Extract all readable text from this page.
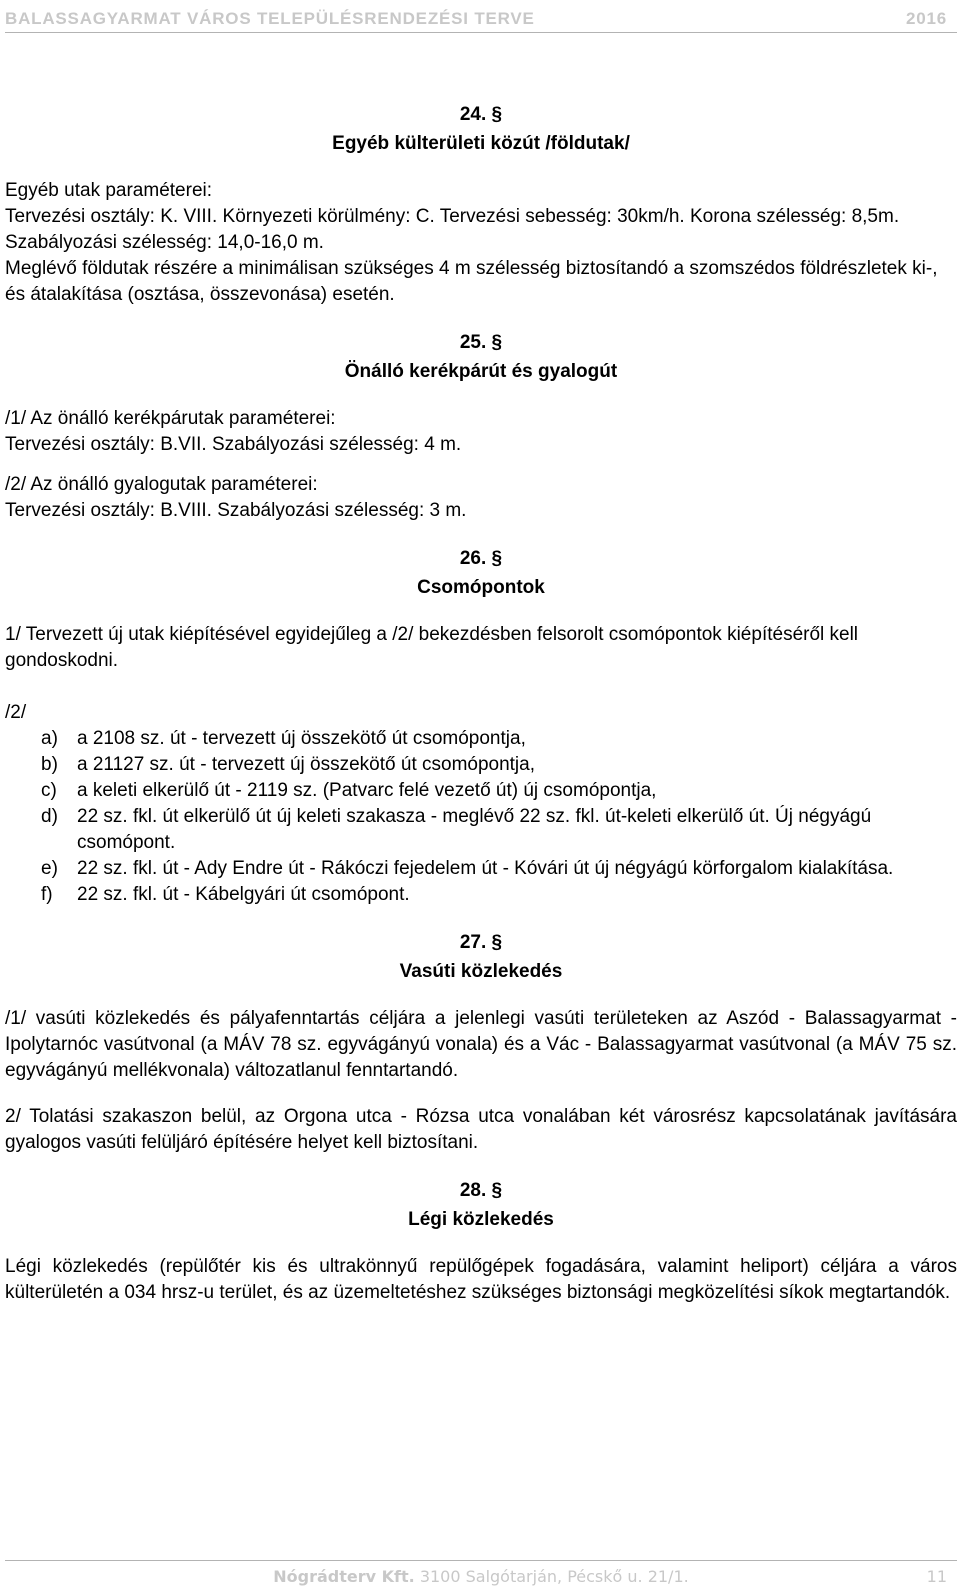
BALASSAGYARMAT VÁROS TELEPÜLÉSRENDEZÉSI TERVE	2016
24. §
Egyéb külterületi közút /földutak/

Egyéb utak paraméterei:

Tervezési osztály: K. VIII. Környezeti körülmény: C. Tervezési sebesség: 30km/h. Korona szélesség: 8,5m. Szabályozási szélesség: 14,0-16,0 m.

Meglévő földutak részére a minimálisan szükséges 4 m szélesség biztosítandó a szomszédos földrészletek ki-, és átalakítása (osztása, összevonása) esetén.

25. §
Önálló kerékpárút és gyalogút

/1/ Az önálló kerékpárutak paraméterei:

Tervezési osztály: B.VII. Szabályozási szélesség: 4 m.

/2/ Az önálló gyalogutak paraméterei:

Tervezési osztály: B.VIII. Szabályozási szélesség: 3 m.

26. §
Csomópontok

1/ Tervezett új utak kiépítésével egyidejűleg a /2/ bekezdésben felsorolt csomópontok kiépítéséről kell gondoskodni.

/2/

a)	a 2108 sz. út - tervezett új összekötő út csomópontja,
b)	a 21127 sz. út - tervezett új összekötő út csomópontja,
c)	a keleti elkerülő út - 2119 sz. (Patvarc felé vezető út) új csomópontja,
d)	22 sz. fkl. út elkerülő út új keleti szakasza - meglévő 22 sz. fkl. út-keleti elkerülő út. Új négyágú csomópont.
e)	22 sz. fkl. út - Ady Endre út - Rákóczi fejedelem út - Kóvári út új négyágú körforgalom kialakítása.
f)	22 sz. fkl. út - Kábelgyári út csomópont.
27. §
Vasúti közlekedés

/1/ vasúti közlekedés és pályafenntartás céljára a jelenlegi vasúti területeken az Aszód - Balassagyarmat - Ipolytarnóc vasútvonal (a MÁV 78 sz. egyvágányú vonala) és a Vác - Balassagyarmat vasútvonal (a MÁV 75 sz. egyvágányú mellékvonala) változatlanul fenntartandó.

2/ Tolatási szakaszon belül, az Orgona utca - Rózsa utca vonalában két városrész kapcsolatának javítására gyalogos vasúti felüljáró építésére helyet kell biztosítani.

28. §
Légi közlekedés

Légi közlekedés (repülőtér kis és ultrakönnyű repülőgépek fogadására, valamint heliport) céljára a város külterületén a 034 hrsz-u terület, és az üzemeltetéshez szükséges biztonsági megközelítési síkok megtartandók.

Nógrádterv Kft. 3100 Salgótarján, Pécskő u. 21/1.	11
